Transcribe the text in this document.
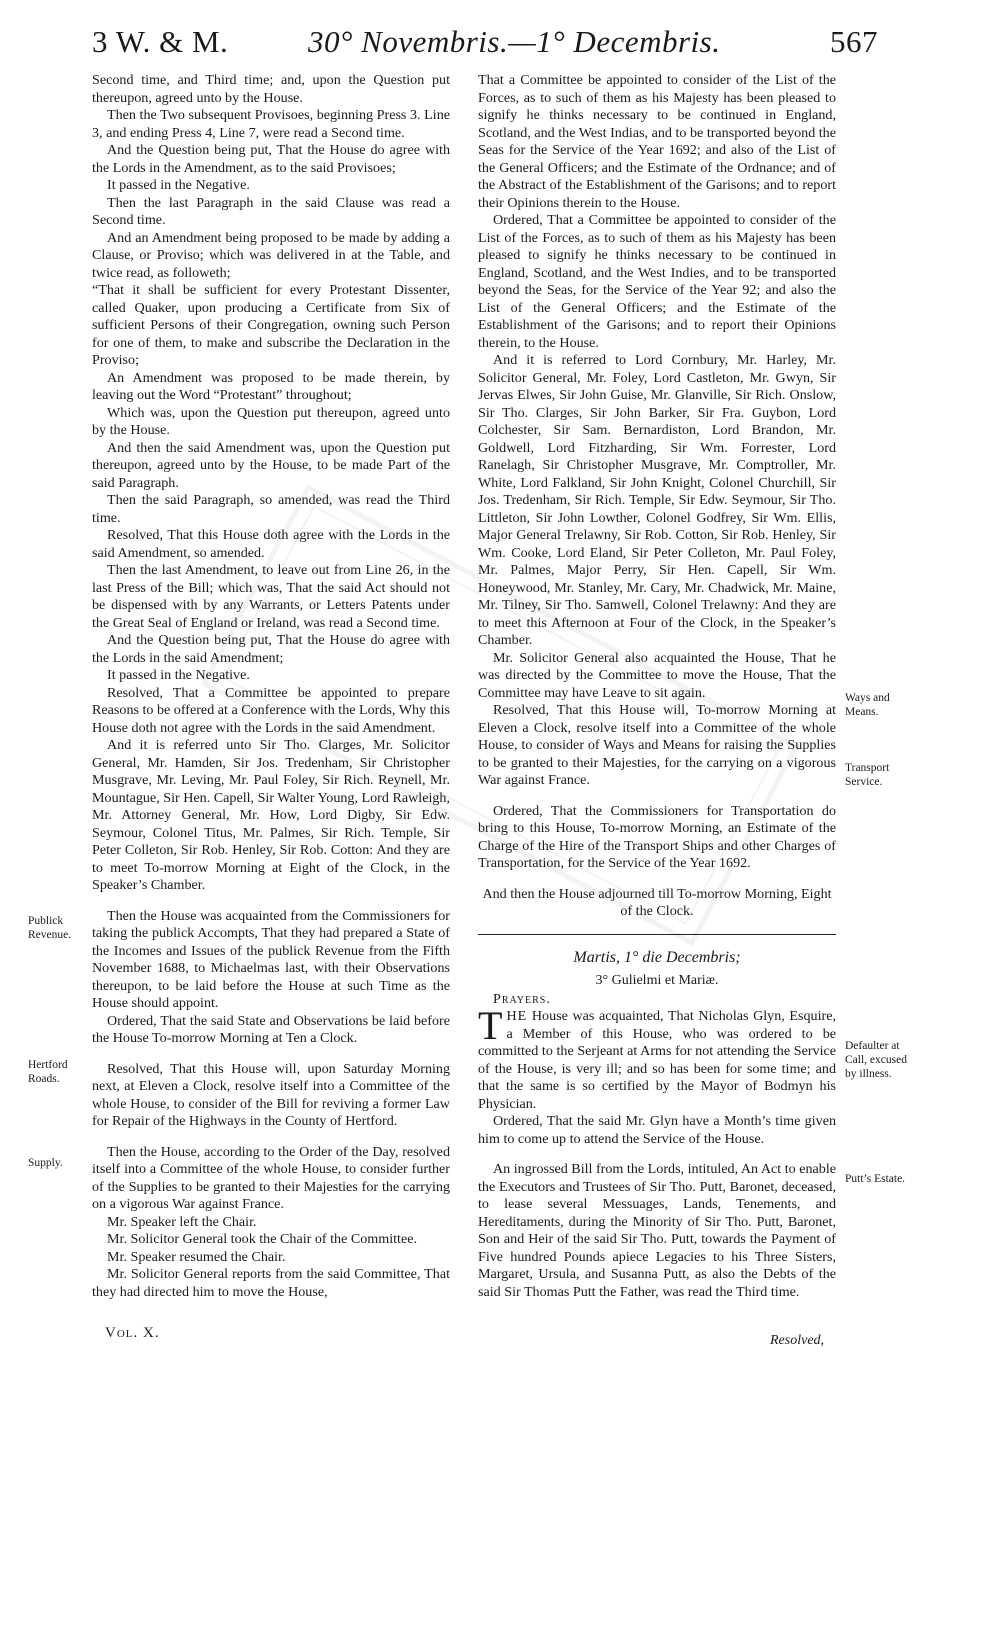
3 W. & M.	30° Novembris.—1° Decembris.	567

Second time, and Third time; and, upon the Question put thereupon, agreed unto by the House.

Then the Two subsequent Provisoes, beginning Press 3. Line 3, and ending Press 4, Line 7, were read a Second time.

And the Question being put, That the House do agree with the Lords in the Amendment, as to the said Provisoes;

It passed in the Negative.

Then the last Paragraph in the said Clause was read a Second time.

And an Amendment being proposed to be made by adding a Clause, or Proviso; which was delivered in at the Table, and twice read, as followeth;

“That it shall be sufficient for every Protestant Dissenter, called Quaker, upon producing a Certificate from Six of sufficient Persons of their Congregation, owning such Person for one of them, to make and subscribe the Declaration in the Proviso;

An Amendment was proposed to be made therein, by leaving out the Word “Protestant” throughout;

Which was, upon the Question put thereupon, agreed unto by the House.

And then the said Amendment was, upon the Question put thereupon, agreed unto by the House, to be made Part of the said Paragraph.

Then the said Paragraph, so amended, was read the Third time.

Resolved, That this House doth agree with the Lords in the said Amendment, so amended.

Then the last Amendment, to leave out from Line 26, in the last Press of the Bill; which was, That the said Act should not be dispensed with by any Warrants, or Letters Patents under the Great Seal of England or Ireland, was read a Second time.

And the Question being put, That the House do agree with the Lords in the said Amendment;

It passed in the Negative.

Resolved, That a Committee be appointed to prepare Reasons to be offered at a Conference with the Lords, Why this House doth not agree with the Lords in the said Amendment.

And it is referred unto Sir Tho. Clarges, Mr. Solicitor General, Mr. Hamden, Sir Jos. Tredenham, Sir Christopher Musgrave, Mr. Leving, Mr. Paul Foley, Sir Rich. Reynell, Mr. Mountague, Sir Hen. Capell, Sir Walter Young, Lord Rawleigh, Mr. Attorney General, Mr. How, Lord Digby, Sir Edw. Seymour, Colonel Titus, Mr. Palmes, Sir Rich. Temple, Sir Peter Colleton, Sir Rob. Henley, Sir Rob. Cotton: And they are to meet To-morrow Morning at Eight of the Clock, in the Speaker’s Chamber.

Then the House was acquainted from the Commissioners for taking the publick Accompts, That they had prepared a State of the Incomes and Issues of the publick Revenue from the Fifth November 1688, to Michaelmas last, with their Observations thereupon, to be laid before the House at such Time as the House should appoint.

Ordered, That the said State and Observations be laid before the House To-morrow Morning at Ten a Clock.

Resolved, That this House will, upon Saturday Morning next, at Eleven a Clock, resolve itself into a Committee of the whole House, to consider of the Bill for reviving a former Law for Repair of the Highways in the County of Hertford.

Then the House, according to the Order of the Day, resolved itself into a Committee of the whole House, to consider further of the Supplies to be granted to their Majesties for the carrying on a vigorous War against France.

Mr. Speaker left the Chair.

Mr. Solicitor General took the Chair of the Committee.

Mr. Speaker resumed the Chair.

Mr. Solicitor General reports from the said Committee, That they had directed him to move the House,

That a Committee be appointed to consider of the List of the Forces, as to such of them as his Majesty has been pleased to signify he thinks necessary to be continued in England, Scotland, and the West Indias, and to be transported beyond the Seas for the Service of the Year 1692; and also of the List of the General Officers; and the Estimate of the Ordnance; and of the Abstract of the Establishment of the Garisons; and to report their Opinions therein to the House.

Ordered, That a Committee be appointed to consider of the List of the Forces, as to such of them as his Majesty has been pleased to signify he thinks necessary to be continued in England, Scotland, and the West Indies, and to be transported beyond the Seas, for the Service of the Year 92; and also the List of the General Officers; and the Estimate of the Establishment of the Garisons; and to report their Opinions therein, to the House.

And it is referred to Lord Cornbury, Mr. Harley, Mr. Solicitor General, Mr. Foley, Lord Castleton, Mr. Gwyn, Sir Jervas Elwes, Sir John Guise, Mr. Glanville, Sir Rich. Onslow, Sir Tho. Clarges, Sir John Barker, Sir Fra. Guybon, Lord Colchester, Sir Sam. Bernardiston, Lord Brandon, Mr. Goldwell, Lord Fitzharding, Sir Wm. Forrester, Lord Ranelagh, Sir Christopher Musgrave, Mr. Comptroller, Mr. White, Lord Falkland, Sir John Knight, Colonel Churchill, Sir Jos. Tredenham, Sir Rich. Temple, Sir Edw. Seymour, Sir Tho. Littleton, Sir John Lowther, Colonel Godfrey, Sir Wm. Ellis, Major General Trelawny, Sir Rob. Cotton, Sir Rob. Henley, Sir Wm. Cooke, Lord Eland, Sir Peter Colleton, Mr. Paul Foley, Mr. Palmes, Major Perry, Sir Hen. Capell, Sir Wm. Honeywood, Mr. Stanley, Mr. Cary, Mr. Chadwick, Mr. Maine, Mr. Tilney, Sir Tho. Samwell, Colonel Trelawny: And they are to meet this Afternoon at Four of the Clock, in the Speaker’s Chamber.

Mr. Solicitor General also acquainted the House, That he was directed by the Committee to move the House, That the Committee may have Leave to sit again.

Resolved, That this House will, To-morrow Morning at Eleven a Clock, resolve itself into a Committee of the whole House, to consider of Ways and Means for raising the Supplies to be granted to their Majesties, for the carrying on a vigorous War against France.

Ordered, That the Commissioners for Transportation do bring to this House, To-morrow Morning, an Estimate of the Charge of the Hire of the Transport Ships and other Charges of Transportation, for the Service of the Year 1692.

And then the House adjourned till To-morrow Morning, Eight of the Clock.

Martis, 1° die Decembris;
3° Gulielmi et Mariæ.

Prayers.

THE House was acquainted, That Nicholas Glyn, Esquire, a Member of this House, who was ordered to be committed to the Serjeant at Arms for not attending the Service of the House, is very ill; and so has been for some time; and that the same is so certified by the Mayor of Bodmyn his Physician.

Ordered, That the said Mr. Glyn have a Month’s time given him to come up to attend the Service of the House.

An ingrossed Bill from the Lords, intituled, An Act to enable the Executors and Trustees of Sir Tho. Putt, Baronet, deceased, to lease several Messuages, Lands, Tenements, and Hereditaments, during the Minority of Sir Tho. Putt, Baronet, Son and Heir of the said Sir Tho. Putt, towards the Payment of Five hundred Pounds apiece Legacies to his Three Sisters, Margaret, Ursula, and Susanna Putt, as also the Debts of the said Sir Thomas Putt the Father, was read the Third time.

Publick
Revenue.
Hertford
Roads.
Supply.
Ways and
Means.
Transport
Service.
Defaulter at
Call, excused
by illness.
Putt’s Estate.
Vol. X.	Resolved,
